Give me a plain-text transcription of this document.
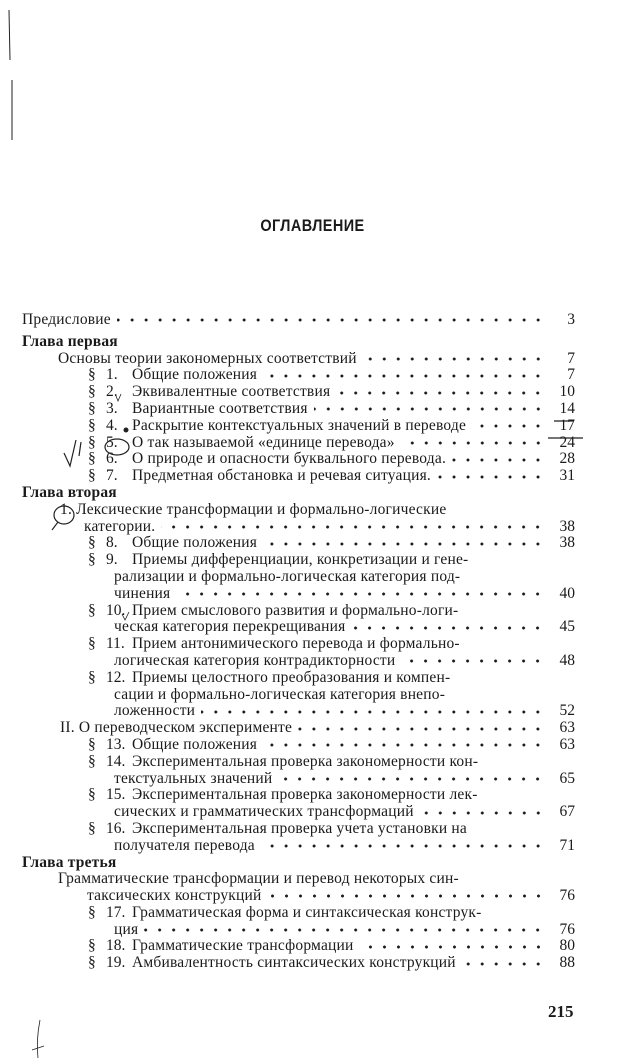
ОГЛАВЛЕНИЕ
Предисловие	3
Глава первая
Основы теории закономерных соответствий	7
§ 1. Общие положения	7
§ 2. Эквивалентные соответствия	10
§ 3. Вариантные соответствия	14
§ 4. Раскрытие контекстуальных значений в переводе	17
§ 5. О так называемой «единице перевода»	24
§ 6. О природе и опасности буквального перевода.	28
§ 7. Предметная обстановка и речевая ситуация.	31
Глава вторая
1. Лексические трансформации и формально-логические
категории.	38
§ 8. Общие положения	38
§ 9. Приемы дифференциации, конкретизации и гене-
рализации и формально-логическая категория под-
чинения	40
§ 10. Прием смыслового развития и формально-логи-
ческая категория перекрещивания	45
§ 11. Прием антонимического перевода и формально-
логическая категория контрадикторности	48
§ 12. Приемы целостного преобразования и компен-
сации и формально-логическая категория внепо-
ложенности	52
II. О переводческом эксперименте	63
§ 13. Общие положения	63
§ 14. Экспериментальная проверка закономерности кон-
текстуальных значений	65
§ 15. Экспериментальная проверка закономерности лек-
сических и грамматических трансформаций	67
§ 16. Экспериментальная проверка учета установки на
получателя перевода	71
Глава третья
Грамматические трансформации и перевод некоторых син-
таксических конструкций	76
§ 17. Грамматическая форма и синтаксическая конструк-
ция	76
§ 18. Грамматические трансформации	80
§ 19. Амбивалентность синтаксических конструкций	88
215
